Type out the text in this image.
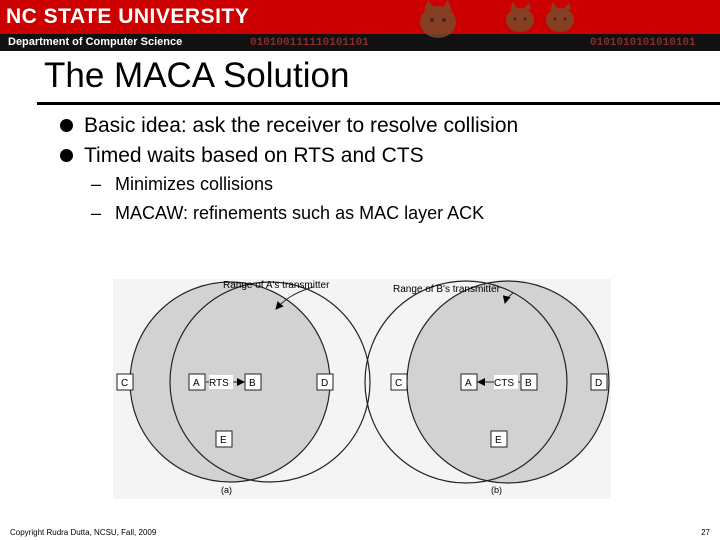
NC STATE UNIVERSITY
Department of Computer Science	010100111110101101	0101010101010101
The MACA Solution
Basic idea: ask the receiver to resolve collision
Timed waits based on RTS and CTS
– Minimizes collisions
– MACAW: refinements such as MAC layer ACK
Range of A's transmitter
C	A	B	D
E
RTS
(a)
Range of B's transmitter
C	A	B	D
E
CTS
(b)
Copyright Rudra Dutta, NCSU, Fall, 2009	27
